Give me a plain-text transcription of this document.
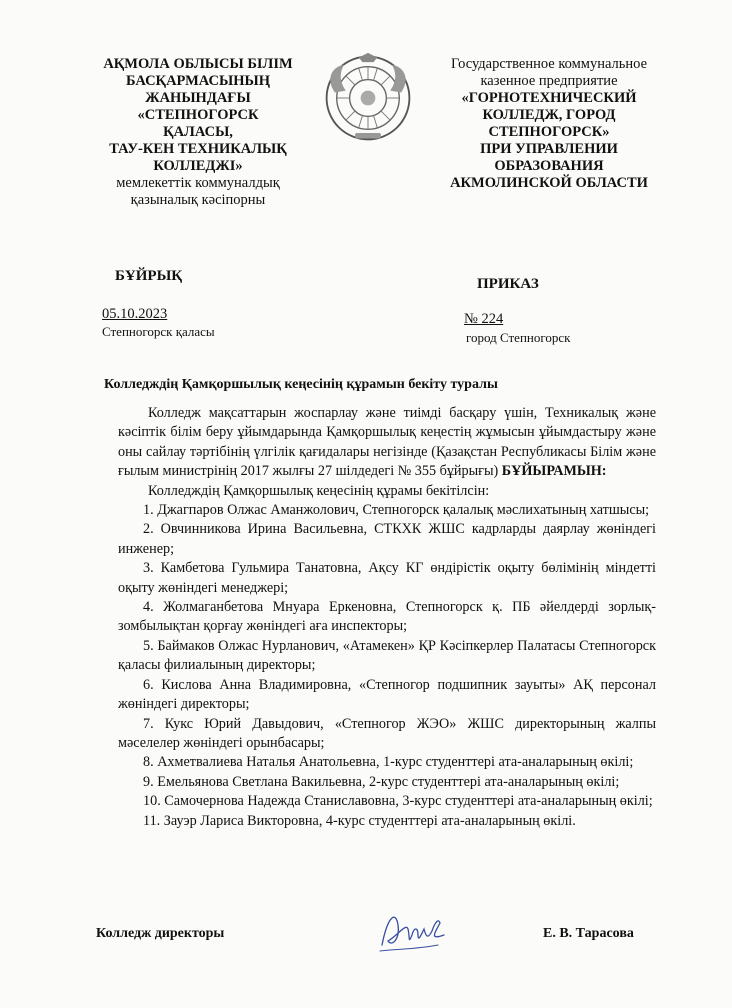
АҚМОЛА ОБЛЫСЫ БІЛІМ
БАСҚАРМАСЫНЫҢ
ЖАНЫНДАҒЫ
«СТЕПНОГОРСК
ҚАЛАСЫ,
ТАУ-КЕН ТЕХНИКАЛЫҚ
КОЛЛЕДЖІ»
мемлекеттік коммуналдық
қазыналық кәсіпорны
Государственное коммунальное
казенное предприятие
«ГОРНОТЕХНИЧЕСКИЙ
КОЛЛЕДЖ, ГОРОД
СТЕПНОГОРСК»
ПРИ УПРАВЛЕНИИ
ОБРАЗОВАНИЯ
АКМОЛИНСКОЙ ОБЛАСТИ
БҰЙРЫҚ	ПРИКАЗ
05.10.2023
Степногорск қаласы
№ 224
город Степногорск
Колледждің Қамқоршылық кеңесінің құрамын бекіту туралы

Колледж мақсаттарын жоспарлау және тиімді басқару үшін, Техникалық және кәсіптік білім беру ұйымдарында Қамқоршылық кеңестің жұмысын ұйымдастыру және оны сайлау тәртібінің үлгілік қағидалары негізінде (Қазақстан Республикасы Білім және ғылым министрінің 2017 жылғы 27 шілдедегі № 355 бұйрығы) БҰЙЫРАМЫН:

Колледждің Қамқоршылық кеңесінің құрамы бекітілсін:

1. Джагпаров Олжас Аманжолович, Степногорск қалалық мәслихатының хатшысы;

2. Овчинникова Ирина Васильевна, СТКХК ЖШС кадрларды даярлау жөніндегі инженер;

3. Камбетова Гульмира Танатовна, Ақсу КГ өндірістік оқыту бөлімінің міндетті оқыту жөніндегі менеджері;

4. Жолмаганбетова Мнуара Еркеновна, Степногорск қ. ПБ әйелдерді зорлық-зомбылықтан қорғау жөніндегі аға инспекторы;

5. Баймаков Олжас Нурланович, «Атамекен» ҚР Кәсіпкерлер Палатасы Степногорск қаласы филиалының директоры;

6. Кислова Анна Владимировна, «Степногор подшипник зауыты» АҚ персонал жөніндегі директоры;

7. Кукс Юрий Давыдович, «Степногор ЖЭО» ЖШС директорының жалпы мәселелер жөніндегі орынбасары;

8. Ахметвалиева Наталья Анатольевна, 1-курс студенттері ата-аналарының өкілі;

9. Емельянова Светлана Вакильевна, 2-курс студенттері ата-аналарының өкілі;

10. Самочернова Надежда Станиславовна, 3-курс студенттері ата-аналарының өкілі;

11. Зауэр Лариса Викторовна, 4-курс студенттері ата-аналарының өкілі.

Колледж директоры	Е. В. Тарасова
